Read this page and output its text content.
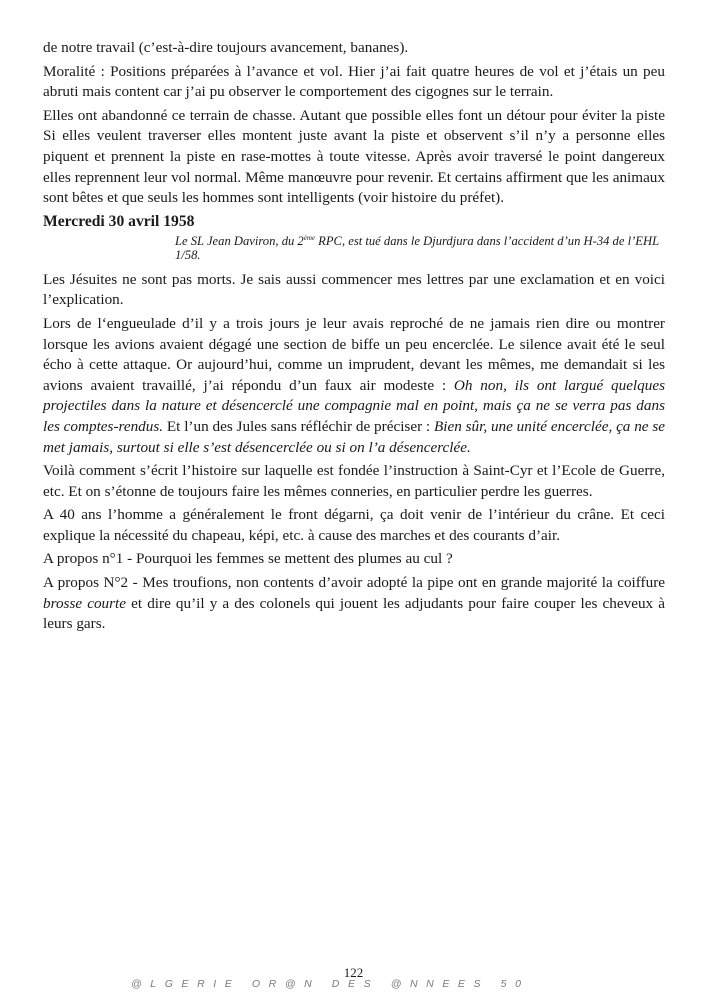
de notre travail (c’est-à-dire toujours avancement, bananes).

Moralité : Positions préparées à l’avance et vol. Hier j’ai fait quatre heures de vol et j’étais un peu abruti mais content car j’ai pu observer le comportement des cigognes sur le terrain.

Elles ont abandonné ce terrain de chasse. Autant que possible elles font un détour pour éviter la piste Si elles veulent traverser elles montent juste avant la piste et observent s’il n’y a personne elles piquent et prennent la piste en rase-mottes à toute vitesse. Après avoir traversé le point dangereux elles reprennent leur vol normal. Même manœuvre pour revenir. Et certains affirment que les animaux sont bêtes et que seuls les hommes sont intelligents (voir histoire du préfet).

Mercredi 30 avril 1958

Le SL Jean Daviron, du 2ème RPC, est tué dans le Djurdjura dans l’accident d’un H-34 de l’EHL 1/58.

Les Jésuites ne sont pas morts. Je sais aussi commencer mes lettres par une exclamation et en voici l’explication.

Lors de l‘engueulade d’il y a trois jours je leur avais reproché de ne jamais rien dire ou montrer lorsque les avions avaient dégagé une section de biffe un peu encerclée. Le silence avait été le seul écho à cette attaque. Or aujourd’hui, comme un imprudent, devant les mêmes, me demandait si les avions avaient travaillé, j’ai répondu d’un faux air modeste : Oh non, ils ont largué quelques projectiles dans la nature et désencerclé une compagnie mal en point, mais ça ne se verra pas dans les comptes-rendus. Et l’un des Jules sans réfléchir de préciser : Bien sûr, une unité encerclée, ça ne se met jamais, surtout si elle s’est désencerclée ou si on l’a désencerclée.

Voilà comment s’écrit l’histoire sur laquelle est fondée l’instruction à Saint-Cyr et l’Ecole de Guerre, etc. Et on s’étonne de toujours faire les mêmes conneries, en particulier perdre les guerres.

A 40 ans l’homme a généralement le front dégarni, ça doit venir de l’intérieur du crâne. Et ceci explique la nécessité du chapeau, képi, etc. à cause des marches et des courants d’air.

A propos n°1 - Pourquoi les femmes se mettent des plumes au cul ?

A propos N°2 - Mes troufions, non contents d’avoir adopté la pipe ont en grande majorité la coiffure brosse courte et dire qu’il y a des colonels qui jouent les adjudants pour faire couper les cheveux à leurs gars.

122
@LGERIE OR@N DES @NNEES 50
